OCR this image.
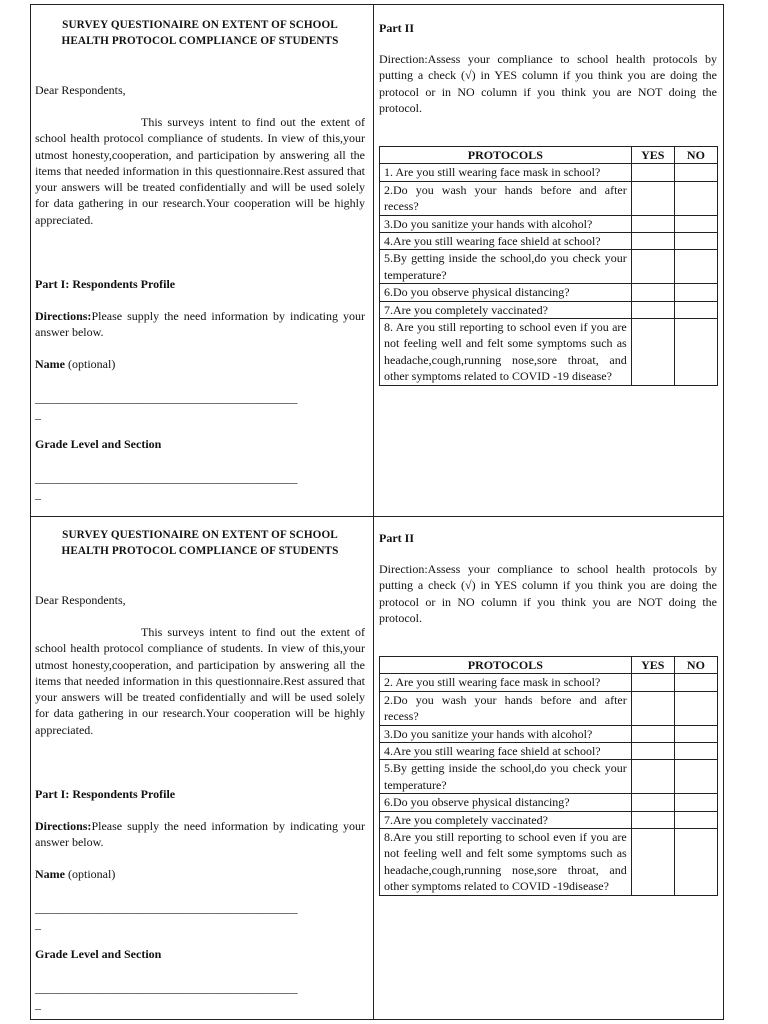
SURVEY QUESTIONAIRE ON EXTENT OF SCHOOL
HEALTH PROTOCOL COMPLIANCE OF STUDENTS
Dear Respondents,
This surveys intent to find out the extent of school health protocol compliance of students. In view of this,your utmost honesty,cooperation, and participation by answering all the items that needed information in this questionnaire.Rest assured that your answers will be treated confidentially and will be used solely for data gathering in our research.Your cooperation will be highly appreciated.
Part I: Respondents Profile
Directions:Please supply the need information by indicating your answer below.
Name (optional)
______________________________________________
_
Grade Level and Section
______________________________________________
_
Part II
Direction:Assess your compliance to school health protocols by putting a check (√) in YES column if you think you are doing the protocol or in NO column if you think you are NOT doing the protocol.
PROTOCOLS	YES	NO
1. Are you still wearing face mask in school?		
2.Do you wash your hands before and after recess?		
3.Do you sanitize your hands with alcohol?		
4.Are you still wearing face shield at school?		
5.By getting inside the school,do you check your temperature?		
6.Do you observe physical distancing?		
7.Are you completely vaccinated?		
8. Are you still reporting to school even if you are not feeling well and felt some symptoms such as headache,cough,running nose,sore throat, and other symptoms related to COVID -19 disease?		
SURVEY QUESTIONAIRE ON EXTENT OF SCHOOL
HEALTH PROTOCOL COMPLIANCE OF STUDENTS
Dear Respondents,
This surveys intent to find out the extent of school health protocol compliance of students. In view of this,your utmost honesty,cooperation, and participation by answering all the items that needed information in this questionnaire.Rest assured that your answers will be treated confidentially and will be used solely for data gathering in our research.Your cooperation will be highly appreciated.
Part I: Respondents Profile
Directions:Please supply the need information by indicating your answer below.
Name (optional)
______________________________________________
_
Grade Level and Section
______________________________________________
_
Part II
Direction:Assess your compliance to school health protocols by putting a check (√) in YES column if you think you are doing the protocol or in NO column if you think you are NOT doing the protocol.
PROTOCOLS	YES	NO
2. Are you still wearing face mask in school?		
2.Do you wash your hands before and after recess?		
3.Do you sanitize your hands with alcohol?		
4.Are you still wearing face shield at school?		
5.By getting inside the school,do you check your temperature?		
6.Do you observe physical distancing?		
7.Are you completely vaccinated?		
8.Are you still reporting to school even if you are not feeling well and felt some symptoms such as headache,cough,running nose,sore throat, and other symptoms related to COVID -19disease?		
